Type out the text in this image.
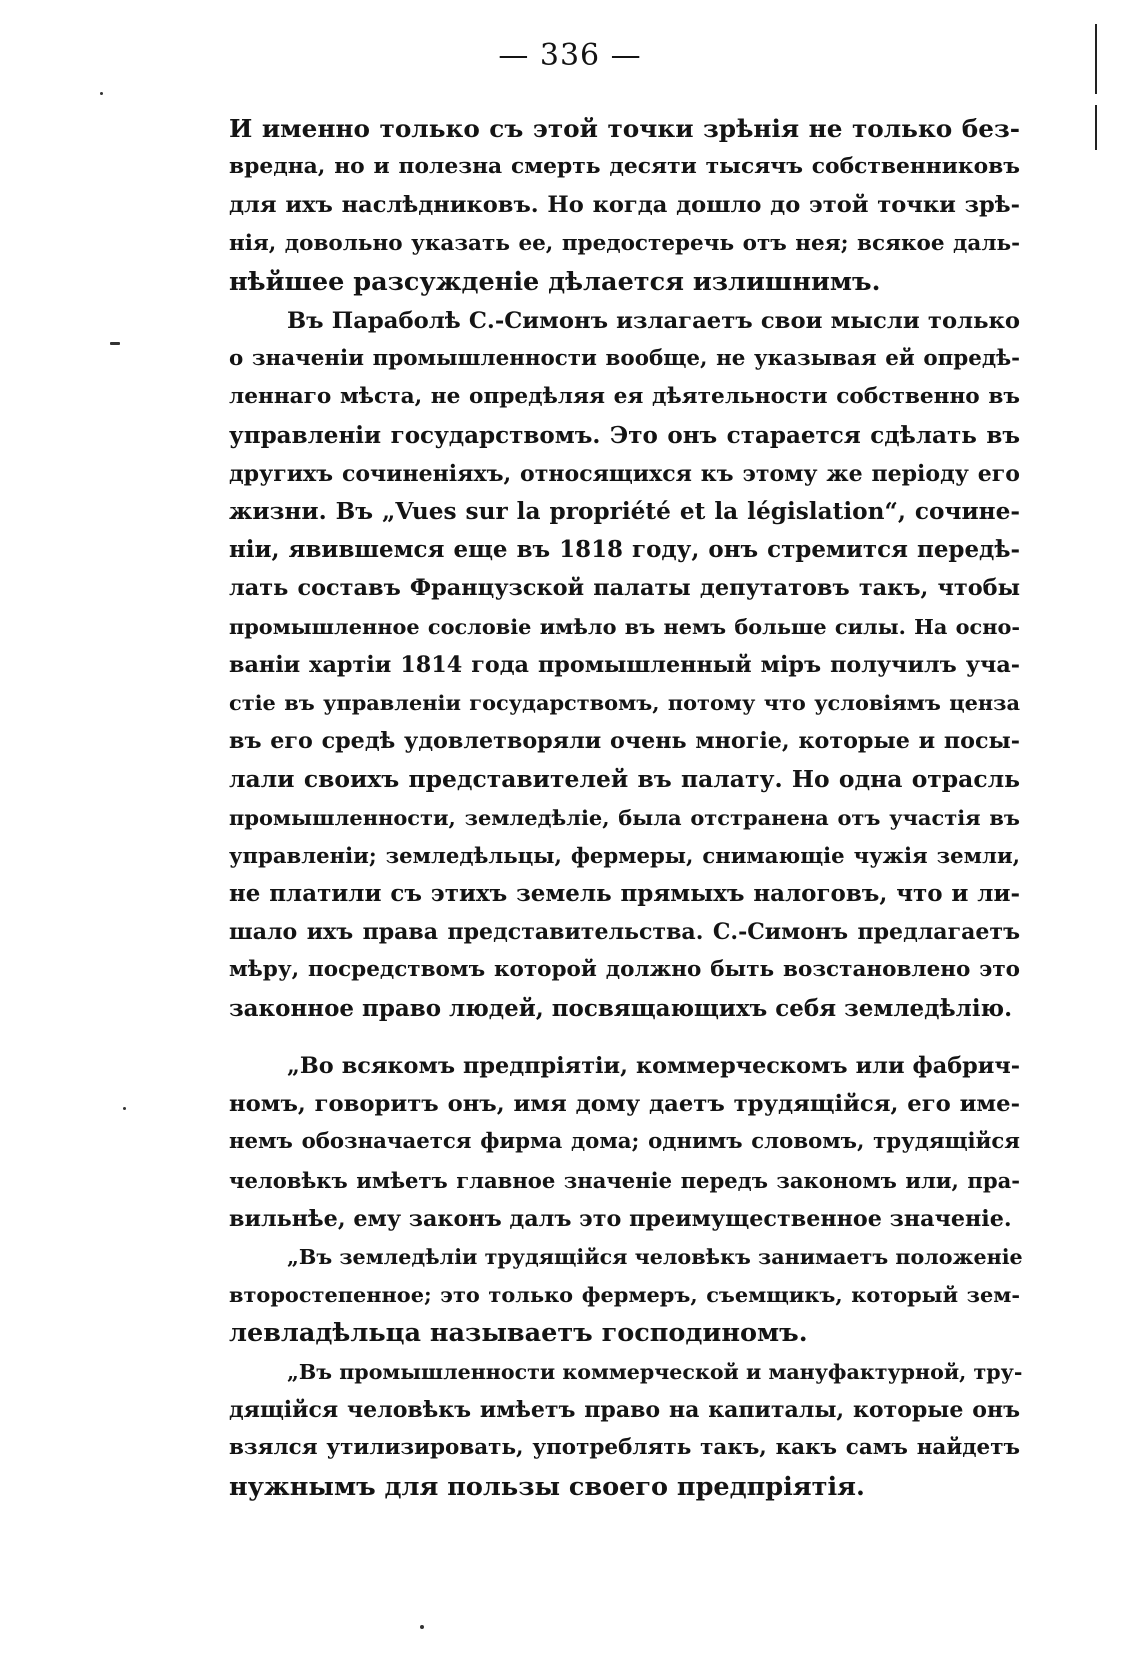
— 336 —
И именно только съ этой точки зрѣнія не только без-
вредна, но и полезна смерть десяти тысячъ собственниковъ
для ихъ наслѣдниковъ. Но когда дошло до этой точки зрѣ-
нія, довольно указать ее, предостеречь отъ нея; всякое даль-
нѣйшее разсужденіе дѣлается излишнимъ.
Въ Параболѣ С.-Симонъ излагаетъ свои мысли только
о значеніи промышленности вообще, не указывая ей опредѣ-
леннаго мѣста, не опредѣляя ея дѣятельности собственно въ
управленіи государствомъ. Это онъ старается сдѣлать въ
другихъ сочиненіяхъ, относящихся къ этому же періоду его
жизни. Въ „Vues sur la propriété et la législation“, сочине-
ніи, явившемся еще въ 1818 году, онъ стремится передѣ-
лать составъ Французской палаты депутатовъ такъ, чтобы
промышленное сословіе имѣло въ немъ больше силы. На осно-
ваніи хартіи 1814 года промышленный міръ получилъ уча-
стіе въ управленіи государствомъ, потому что условіямъ ценза
въ его средѣ удовлетворяли очень многіе, которые и посы-
лали своихъ представителей въ палату. Но одна отрасль
промышленности, земледѣліе, была отстранена отъ участія въ
управленіи; земледѣльцы, фермеры, снимающіе чужія земли,
не платили съ этихъ земель прямыхъ налоговъ, что и ли-
шало ихъ права представительства. С.-Симонъ предлагаетъ
мѣру, посредствомъ которой должно быть возстановлено это
законное право людей, посвящающихъ себя земледѣлію.
„Во всякомъ предпріятіи, коммерческомъ или фабрич-
номъ, говоритъ онъ, имя дому даетъ трудящійся, его име-
немъ обозначается фирма дома; однимъ словомъ, трудящійся
человѣкъ имѣетъ главное значеніе передъ закономъ или, пра-
вильнѣе, ему законъ далъ это преимущественное значеніе.
„Въ земледѣліи трудящійся человѣкъ занимаетъ положеніе
второстепенное; это только фермеръ, съемщикъ, который зем-
левладѣльца называетъ господиномъ.
„Въ промышленности коммерческой и мануфактурной, тру-
дящійся человѣкъ имѣетъ право на капиталы, которые онъ
взялся утилизировать, употреблять такъ, какъ самъ найдетъ
нужнымъ для пользы своего предпріятія.
